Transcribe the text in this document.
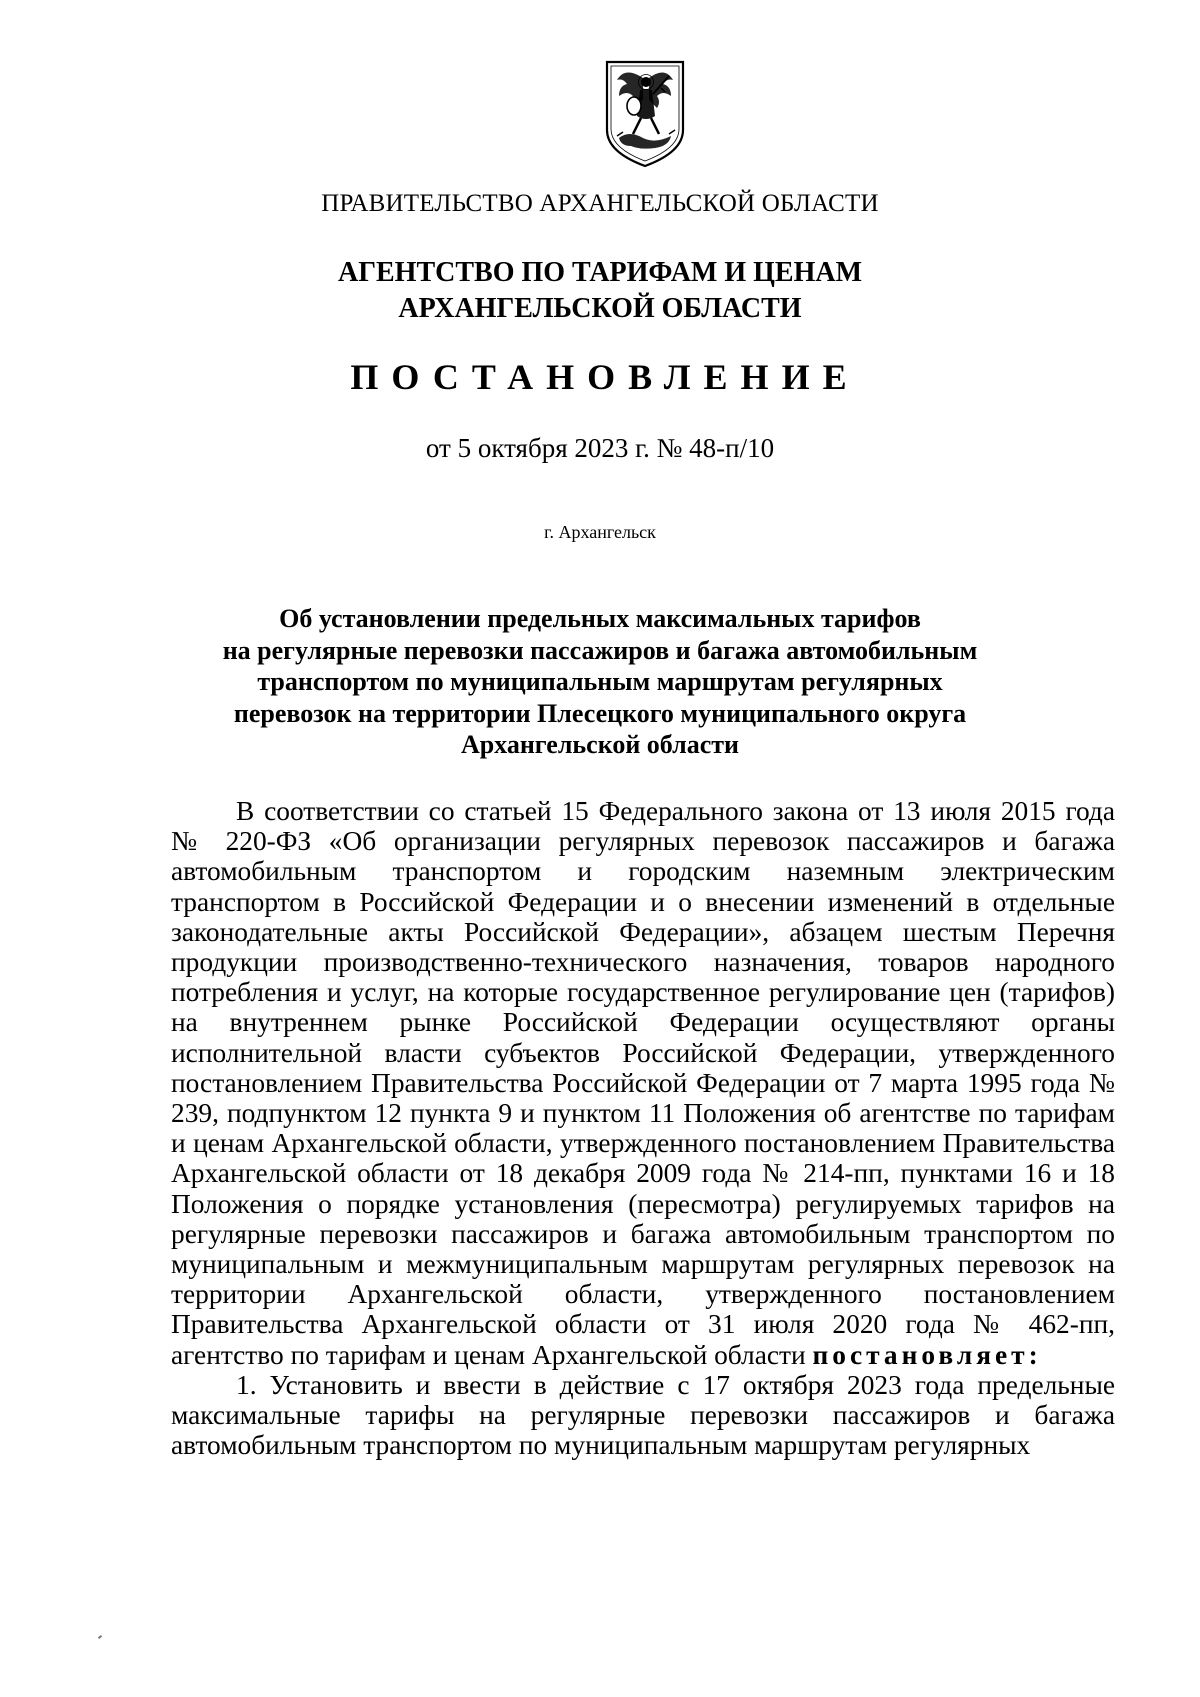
ПРАВИТЕЛЬСТВО АРХАНГЕЛЬСКОЙ ОБЛАСТИ
АГЕНТСТВО ПО ТАРИФАМ И ЦЕНАМ
АРХАНГЕЛЬСКОЙ ОБЛАСТИ
ПОСТАНОВЛЕНИЕ
от 5 октября 2023 г. № 48-п/10
г. Архангельск
Об установлении предельных максимальных тарифов
на регулярные перевозки пассажиров и багажа автомобильным
транспортом по муниципальным маршрутам регулярных
перевозок на территории Плесецкого муниципального округа
Архангельской области

В соответствии со статьей 15 Федерального закона от 13 июля 2015 года № 220-ФЗ «Об организации регулярных перевозок пассажиров и багажа автомобильным транспортом и городским наземным электрическим транспортом в Российской Федерации и о внесении изменений в отдельные законодательные акты Российской Федерации», абзацем шестым Перечня продукции производственно-технического назначения, товаров народного потребления и услуг, на которые государственное регулирование цен (тарифов) на внутреннем рынке Российской Федерации осуществляют органы исполнительной власти субъектов Российской Федерации, утвержденного постановлением Правительства Российской Федерации от 7 марта 1995 года № 239, подпунктом 12 пункта 9 и пунктом 11 Положения об агентстве по тарифам и ценам Архангельской области, утвержденного постановлением Правительства Архангельской области от 18 декабря 2009 года № 214-пп, пунктами 16 и 18 Положения о порядке установления (пересмотра) регулируемых тарифов на регулярные перевозки пассажиров и багажа автомобильным транспортом по муниципальным и межмуниципальным маршрутам регулярных перевозок на территории Архангельской области, утвержденного постановлением Правительства Архангельской области от 31 июля 2020 года № 462-пп, агентство по тарифам и ценам Архангельской области постановляет:

1. Установить и ввести в действие с 17 октября 2023 года предельные максимальные тарифы на регулярные перевозки пассажиров и багажа автомобильным транспортом по муниципальным маршрутам регулярных
